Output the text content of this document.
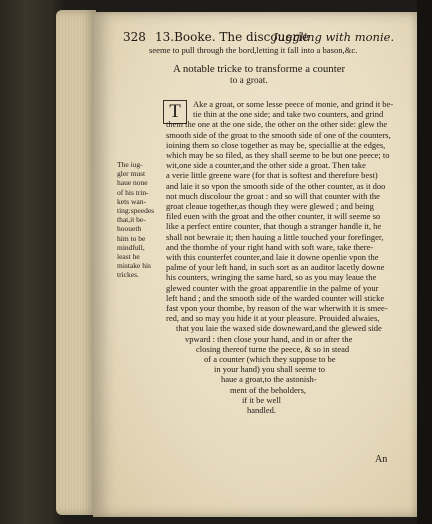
328 13.Booke. The discouerie
Juggling with monie.
seeme to pull through the bord,letting it fall into a bason,&c.
A notable tricke to transforme a counter
to a groat.
T
The iug-
gler must
haue none
of his trin-
kets wan-
ting:speedes
that,it be-
hooueth
him to be
mindfull,
least he
mistake his
trickes.
Ake a groat, or some lesse peece of monie, and grind it be-
tie thin at the one side; and take two counters, and grind
them the one at the one side, the other on the other side: glew the
smooth side of the groat to the smooth side of one of the counters,
ioining them so close together as may be, speciallie at the edges,
which may be so filed, as they shall seeme to be but one peece; to
wit,one side a counter,and the other side a groat. Then take
a verie little greene ware (for that is softest and therefore best)
and laie it so vpon the smooth side of the other counter, as it doo
not much discolour the groat : and so will that counter with the
groat cleaue together,as though they were glewed ; and being
filed euen with the groat and the other counter, it will seeme so
like a perfect entire counter, that though a stranger handle it, he
shall not bewraie it; then hauing a little touched your forefinger,
and the thombe of your right hand with soft ware, take there-
with this counterfet counter,and laie it downe openlie vpon the
palme of your left hand, in such sort as an auditor lacetly downe
his counters, wringing the same hard, so as you may leaue the
glewed counter with the groat apparentlie in the palme of your
left hand ; and the smooth side of the warded counter will sticke
fast vpon your thombe, by reason of the war wherwith it is smee-
red, and so may you hide it at your pleasure. Prouided alwaies,
that you laie the waxed side downeward,and the glewed side
vpward : then close your hand, and in or after the
closing thereof turne the peece, & so in stead
of a counter (which they suppose to be
in your hand) you shall seeme to
haue a groat,to the astonish-
ment of the beholders,
if it be well
handled.
An
